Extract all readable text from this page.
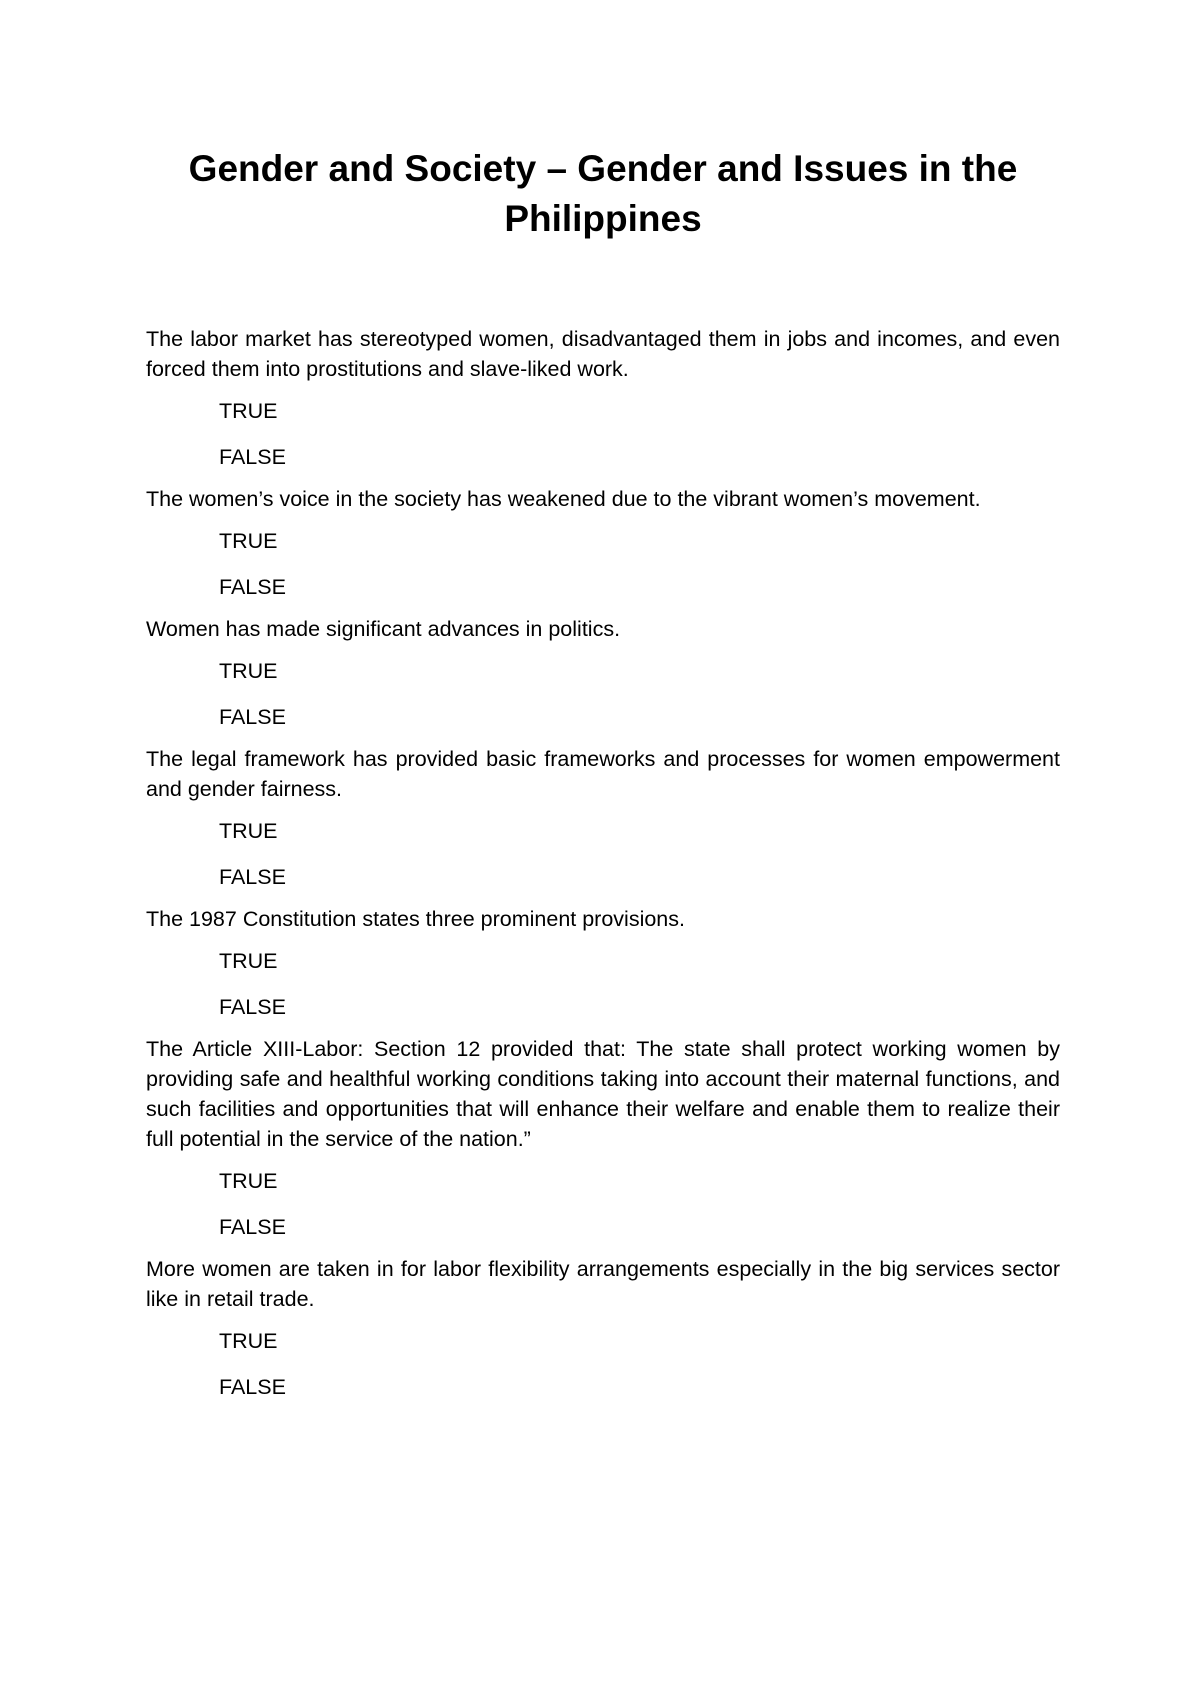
Gender and Society – Gender and Issues in the Philippines

The labor market has stereotyped women, disadvantaged them in jobs and incomes, and even forced them into prostitutions and slave-liked work.

TRUE
FALSE

The women’s voice in the society has weakened due to the vibrant women’s movement.

TRUE
FALSE

Women has made significant advances in politics.

TRUE
FALSE

The legal framework has provided basic frameworks and processes for women empowerment and gender fairness.

TRUE
FALSE

The 1987 Constitution states three prominent provisions.

TRUE
FALSE

The Article XIII-Labor: Section 12 provided that: The state shall protect working women by providing safe and healthful working conditions taking into account their maternal functions, and such facilities and opportunities that will enhance their welfare and enable them to realize their full potential in the service of the nation.”

TRUE
FALSE

More women are taken in for labor flexibility arrangements especially in the big services sector like in retail trade.

TRUE
FALSE
